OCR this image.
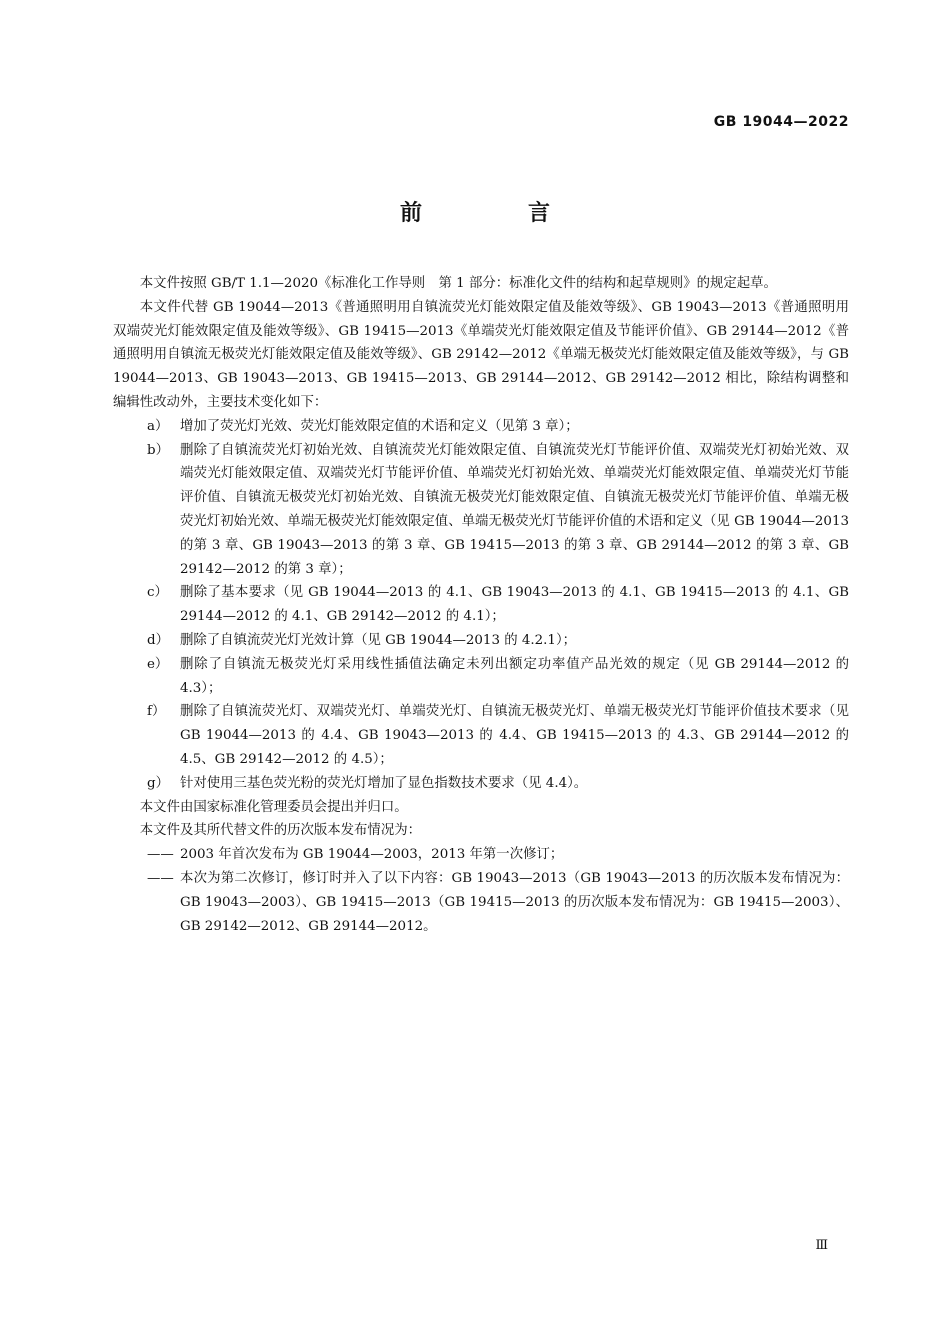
GB 19044—2022
前　言

本文件按照 GB/T 1.1—2020《标准化工作导则　第 1 部分：标准化文件的结构和起草规则》的规定起草。

本文件代替 GB 19044—2013《普通照明用自镇流荧光灯能效限定值及能效等级》、GB 19043—2013《普通照明用双端荧光灯能效限定值及能效等级》、GB 19415—2013《单端荧光灯能效限定值及节能评价值》、GB 29144—2012《普通照明用自镇流无极荧光灯能效限定值及能效等级》、GB 29142—2012《单端无极荧光灯能效限定值及能效等级》，与 GB 19044—2013、GB 19043—2013、GB 19415—2013、GB 29144—2012、GB 29142—2012 相比，除结构调整和编辑性改动外，主要技术变化如下：

a） 增加了荧光灯光效、荧光灯能效限定值的术语和定义（见第 3 章）；

b） 删除了自镇流荧光灯初始光效、自镇流荧光灯能效限定值、自镇流荧光灯节能评价值、双端荧光灯初始光效、双端荧光灯能效限定值、双端荧光灯节能评价值、单端荧光灯初始光效、单端荧光灯能效限定值、单端荧光灯节能评价值、自镇流无极荧光灯初始光效、自镇流无极荧光灯能效限定值、自镇流无极荧光灯节能评价值、单端无极荧光灯初始光效、单端无极荧光灯能效限定值、单端无极荧光灯节能评价值的术语和定义（见 GB 19044—2013 的第 3 章、GB 19043—2013 的第 3 章、GB 19415—2013 的第 3 章、GB 29144—2012 的第 3 章、GB 29142—2012 的第 3 章）；

c） 删除了基本要求（见 GB 19044—2013 的 4.1、GB 19043—2013 的 4.1、GB 19415—2013 的 4.1、GB 29144—2012 的 4.1、GB 29142—2012 的 4.1）；

d） 删除了自镇流荧光灯光效计算（见 GB 19044—2013 的 4.2.1）；

e） 删除了自镇流无极荧光灯采用线性插值法确定未列出额定功率值产品光效的规定（见 GB 29144—2012 的 4.3）；

f） 删除了自镇流荧光灯、双端荧光灯、单端荧光灯、自镇流无极荧光灯、单端无极荧光灯节能评价值技术要求（见 GB 19044—2013 的 4.4、GB 19043—2013 的 4.4、GB 19415—2013 的 4.3、GB 29144—2012 的 4.5、GB 29142—2012 的 4.5）；

g） 针对使用三基色荧光粉的荧光灯增加了显色指数技术要求（见 4.4）。

本文件由国家标准化管理委员会提出并归口。

本文件及其所代替文件的历次版本发布情况为：

—— 2003 年首次发布为 GB 19044—2003，2013 年第一次修订；

—— 本次为第二次修订，修订时并入了以下内容：GB 19043—2013（GB 19043—2013 的历次版本发布情况为：GB 19043—2003）、GB 19415—2013（GB 19415—2013 的历次版本发布情况为：GB 19415—2003）、GB 29142—2012、GB 29144—2012。

Ⅲ
